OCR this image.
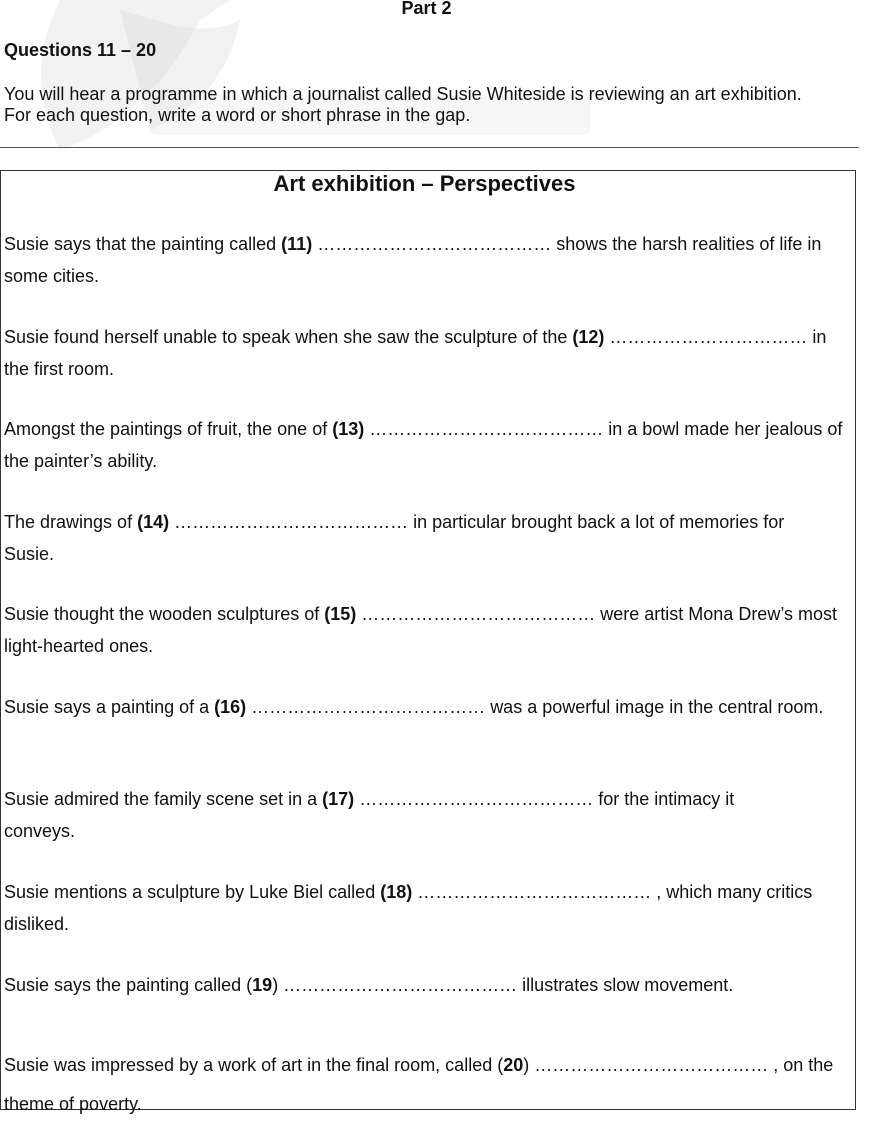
Part 2
Questions 11 – 20
You will hear a programme in which a journalist called Susie Whiteside is reviewing an art exhibition.
For each question, write a word or short phrase in the gap.
Art exhibition – Perspectives
Susie says that the painting called (11) ………………………………… shows the harsh realities of life in some cities.
Susie found herself unable to speak when she saw the sculpture of the (12) …………………………… in the first room.
Amongst the paintings of fruit, the one of (13) ………………………………… in a bowl made her jealous of the painter’s ability.
The drawings of (14) ………………………………… in particular brought back a lot of memories for Susie.
Susie thought the wooden sculptures of (15) ………………………………… were artist Mona Drew’s most light-hearted ones.
Susie says a painting of a (16) ………………………………… was a powerful image in the central room.
Susie admired the family scene set in a (17) ………………………………… for the intimacy it conveys.
Susie mentions a sculpture by Luke Biel called (18) ………………………………… , which many critics disliked.
Susie says the painting called (19) ………………………………… illustrates slow movement.
Susie was impressed by a work of art in the final room, called (20) ………………………………… , on the theme of poverty.
